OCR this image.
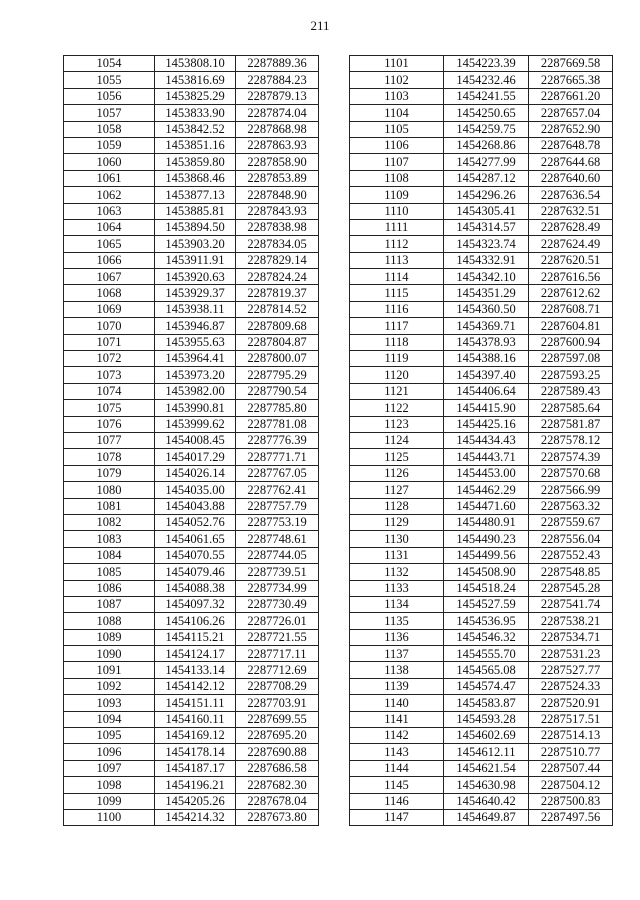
211
1054	1453808.10	2287889.36
1055	1453816.69	2287884.23
1056	1453825.29	2287879.13
1057	1453833.90	2287874.04
1058	1453842.52	2287868.98
1059	1453851.16	2287863.93
1060	1453859.80	2287858.90
1061	1453868.46	2287853.89
1062	1453877.13	2287848.90
1063	1453885.81	2287843.93
1064	1453894.50	2287838.98
1065	1453903.20	2287834.05
1066	1453911.91	2287829.14
1067	1453920.63	2287824.24
1068	1453929.37	2287819.37
1069	1453938.11	2287814.52
1070	1453946.87	2287809.68
1071	1453955.63	2287804.87
1072	1453964.41	2287800.07
1073	1453973.20	2287795.29
1074	1453982.00	2287790.54
1075	1453990.81	2287785.80
1076	1453999.62	2287781.08
1077	1454008.45	2287776.39
1078	1454017.29	2287771.71
1079	1454026.14	2287767.05
1080	1454035.00	2287762.41
1081	1454043.88	2287757.79
1082	1454052.76	2287753.19
1083	1454061.65	2287748.61
1084	1454070.55	2287744.05
1085	1454079.46	2287739.51
1086	1454088.38	2287734.99
1087	1454097.32	2287730.49
1088	1454106.26	2287726.01
1089	1454115.21	2287721.55
1090	1454124.17	2287717.11
1091	1454133.14	2287712.69
1092	1454142.12	2287708.29
1093	1454151.11	2287703.91
1094	1454160.11	2287699.55
1095	1454169.12	2287695.20
1096	1454178.14	2287690.88
1097	1454187.17	2287686.58
1098	1454196.21	2287682.30
1099	1454205.26	2287678.04
1100	1454214.32	2287673.80
1101	1454223.39	2287669.58
1102	1454232.46	2287665.38
1103	1454241.55	2287661.20
1104	1454250.65	2287657.04
1105	1454259.75	2287652.90
1106	1454268.86	2287648.78
1107	1454277.99	2287644.68
1108	1454287.12	2287640.60
1109	1454296.26	2287636.54
1110	1454305.41	2287632.51
1111	1454314.57	2287628.49
1112	1454323.74	2287624.49
1113	1454332.91	2287620.51
1114	1454342.10	2287616.56
1115	1454351.29	2287612.62
1116	1454360.50	2287608.71
1117	1454369.71	2287604.81
1118	1454378.93	2287600.94
1119	1454388.16	2287597.08
1120	1454397.40	2287593.25
1121	1454406.64	2287589.43
1122	1454415.90	2287585.64
1123	1454425.16	2287581.87
1124	1454434.43	2287578.12
1125	1454443.71	2287574.39
1126	1454453.00	2287570.68
1127	1454462.29	2287566.99
1128	1454471.60	2287563.32
1129	1454480.91	2287559.67
1130	1454490.23	2287556.04
1131	1454499.56	2287552.43
1132	1454508.90	2287548.85
1133	1454518.24	2287545.28
1134	1454527.59	2287541.74
1135	1454536.95	2287538.21
1136	1454546.32	2287534.71
1137	1454555.70	2287531.23
1138	1454565.08	2287527.77
1139	1454574.47	2287524.33
1140	1454583.87	2287520.91
1141	1454593.28	2287517.51
1142	1454602.69	2287514.13
1143	1454612.11	2287510.77
1144	1454621.54	2287507.44
1145	1454630.98	2287504.12
1146	1454640.42	2287500.83
1147	1454649.87	2287497.56
